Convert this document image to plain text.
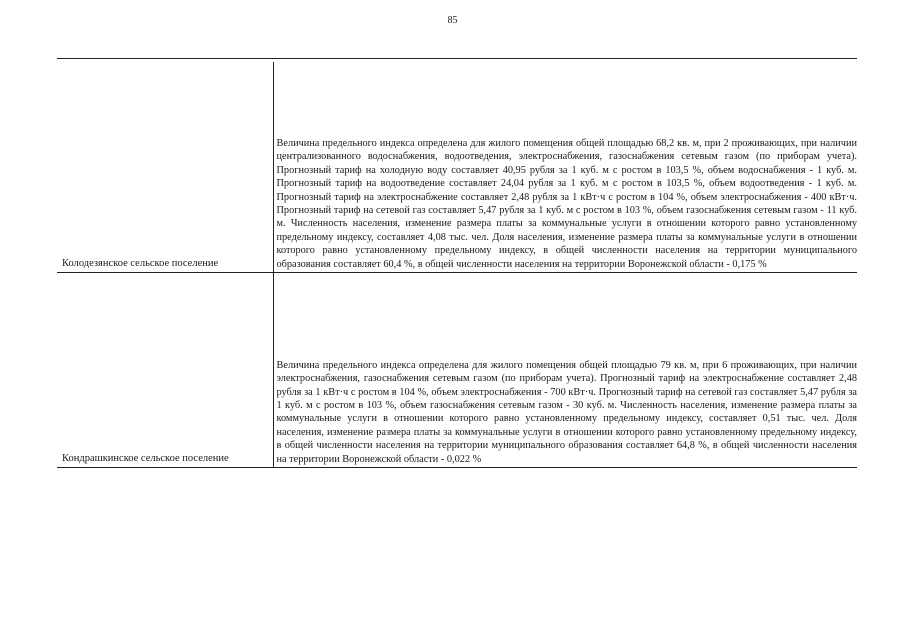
85
Колодезянское сельское поселение	Величина предельного индекса определена для жилого помещения общей площадью 68,2 кв. м, при 2 проживающих, при наличии централизованного водоснабжения, водоотведения, электроснабжения, газоснабжения сетевым газом (по приборам учета). Прогнозный тариф на холодную воду составляет 40,95 рубля за 1 куб. м с ростом в 103,5 %, объем водоснабжения - 1 куб. м. Прогнозный тариф на водоотведение составляет 24,04 рубля за 1 куб. м с ростом в 103,5 %, объем водоотведения - 1 куб. м. Прогнозный тариф на электроснабжение составляет 2,48 рубля за 1 кВт·ч с ростом в 104 %, объем электроснабжения - 400 кВт·ч. Прогнозный тариф на сетевой газ составляет 5,47 рубля за 1 куб. м с ростом в 103 %, объем газоснабжения сетевым газом - 11 куб. м. Численность населения, изменение размера платы за коммунальные услуги в отношении которого равно установленному предельному индексу, составляет 4,08 тыс. чел. Доля населения, изменение размера платы за коммунальные услуги в отношении которого равно установленному предельному индексу, в общей численности населения на территории муниципального образования составляет 60,4 %, в общей численности населения на территории Воронежской области - 0,175 %
Кондрашкинское сельское поселение	Величина предельного индекса определена для жилого помещения общей площадью 79 кв. м, при 6 проживающих, при наличии электроснабжения, газоснабжения сетевым газом (по приборам учета). Прогнозный тариф на электроснабжение составляет 2,48 рубля за 1 кВт·ч с ростом в 104 %, объем электроснабжения - 700 кВт·ч. Прогнозный тариф на сетевой газ составляет 5,47 рубля за 1 куб. м с ростом в 103 %, объем газоснабжения сетевым газом - 30 куб. м. Численность населения, изменение размера платы за коммунальные услуги в отношении которого равно установленному предельному индексу, составляет 0,51 тыс. чел. Доля населения, изменение размера платы за коммунальные услуги в отношении которого равно установленному предельному индексу, в общей численности населения на территории муниципального образования составляет 64,8 %, в общей численности населения на территории Воронежской области - 0,022 %
